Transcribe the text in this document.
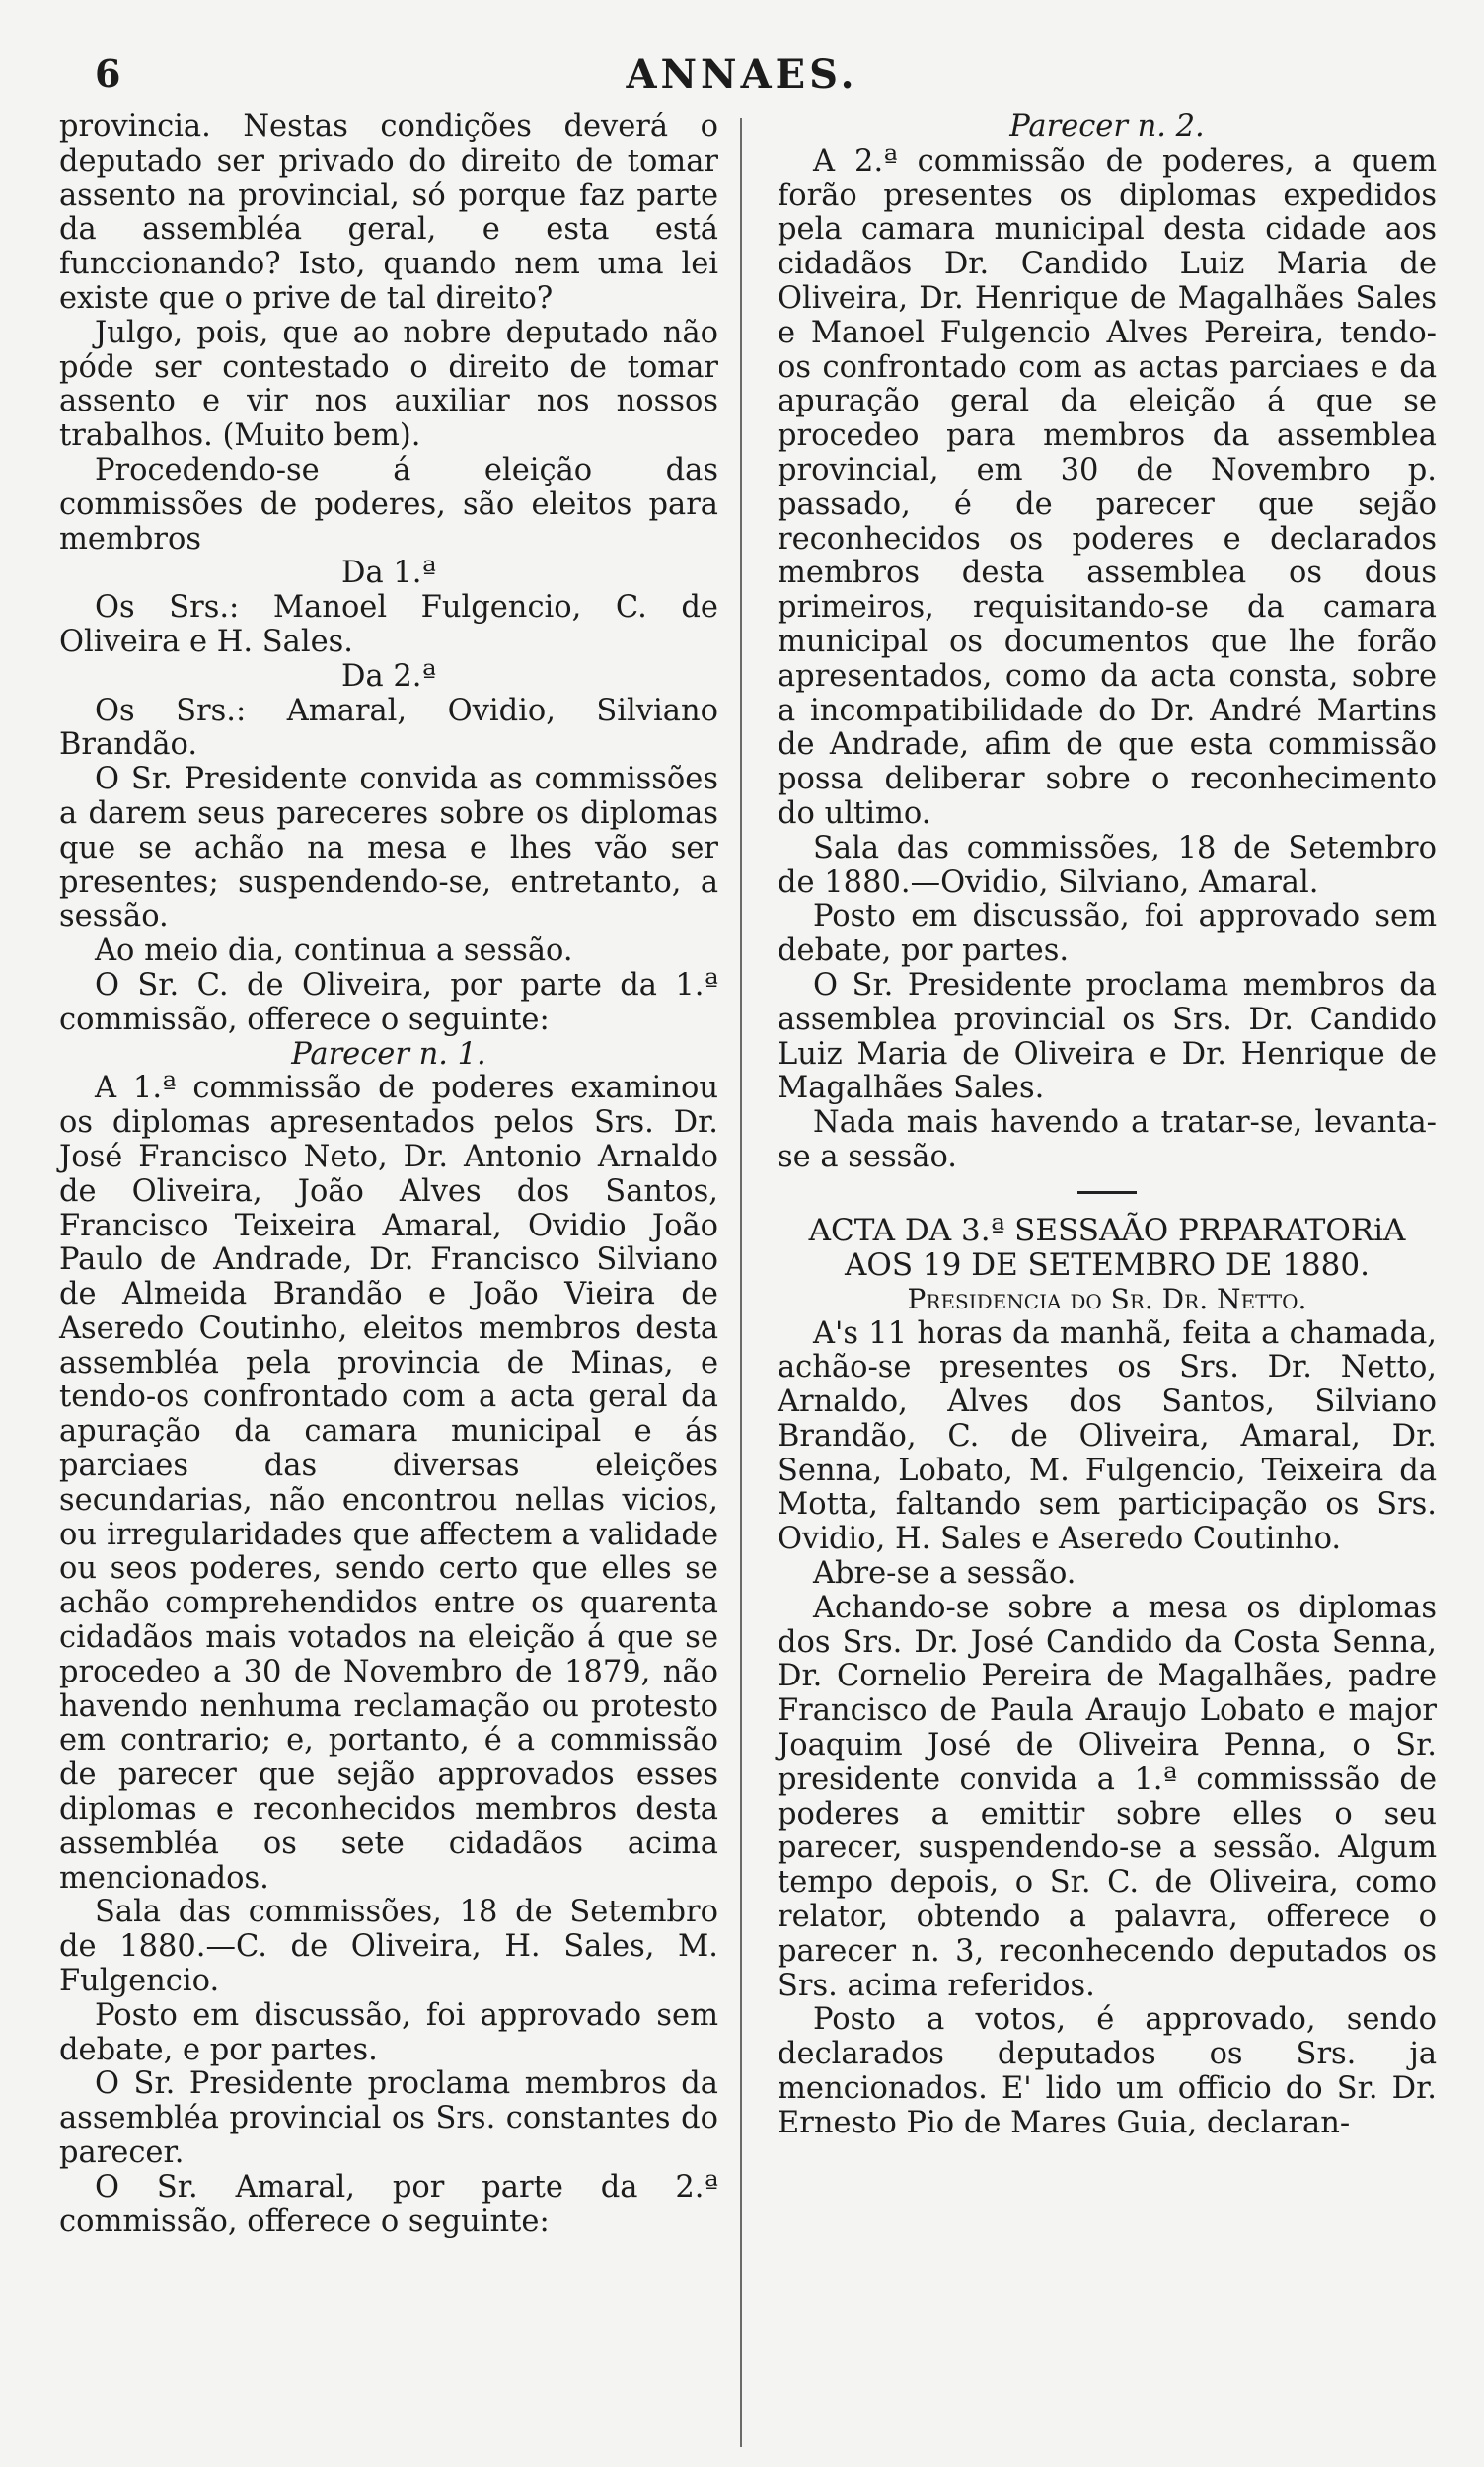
6	ANNAES.

provincia. Nestas condições deverá o deputado ser privado do direito de tomar assento na provincial, só porque faz parte da assembléa geral, e esta está funccionando? Isto, quando nem uma lei existe que o prive de tal direito?

Julgo, pois, que ao nobre deputado não póde ser contestado o direito de tomar assento e vir nos auxiliar nos nossos trabalhos. (Muito bem).

Procedendo-se á eleição das commissões de poderes, são eleitos para membros

Da 1.ª

Os Srs.: Manoel Fulgencio, C. de Oliveira e H. Sales.

Da 2.ª

Os Srs.: Amaral, Ovidio, Silviano Brandão.

O Sr. Presidente convida as commissões a darem seus pareceres sobre os diplomas que se achão na mesa e lhes vão ser presentes; suspendendo-se, entretanto, a sessão.

Ao meio dia, continua a sessão.

O Sr. C. de Oliveira, por parte da 1.ª commissão, offerece o seguinte:

Parecer n. 1.

A 1.ª commissão de poderes examinou os diplomas apresentados pelos Srs. Dr. José Francisco Neto, Dr. Antonio Arnaldo de Oliveira, João Alves dos Santos, Francisco Teixeira Amaral, Ovidio João Paulo de Andrade, Dr. Francisco Silviano de Almeida Brandão e João Vieira de Aseredo Coutinho, eleitos membros desta assembléa pela provincia de Minas, e tendo-os confrontado com a acta geral da apuração da camara municipal e ás parciaes das diversas eleições secundarias, não encontrou nellas vicios, ou irregularidades que affectem a validade ou seos poderes, sendo certo que elles se achão comprehendidos entre os quarenta cidadãos mais votados na eleição á que se procedeo a 30 de Novembro de 1879, não havendo nenhuma reclamação ou protesto em contrario; e, portanto, é a commissão de parecer que sejão approvados esses diplomas e reconhecidos membros desta assembléa os sete cidadãos acima mencionados.

Sala das commissões, 18 de Setembro de 1880.—C. de Oliveira, H. Sales, M. Fulgencio.

Posto em discussão, foi approvado sem debate, e por partes.

O Sr. Presidente proclama membros da assembléa provincial os Srs. constantes do parecer.

O Sr. Amaral, por parte da 2.ª commissão, offerece o seguinte:

Parecer n. 2.

A 2.ª commissão de poderes, a quem forão presentes os diplomas expedidos pela camara municipal desta cidade aos cidadãos Dr. Candido Luiz Maria de Oliveira, Dr. Henrique de Magalhães Sales e Manoel Fulgencio Alves Pereira, tendo-os confrontado com as actas parciaes e da apuração geral da eleição á que se procedeo para membros da assemblea provincial, em 30 de Novembro p. passado, é de parecer que sejão reconhecidos os poderes e declarados membros desta assemblea os dous primeiros, requisitando-se da camara municipal os documentos que lhe forão apresentados, como da acta consta, sobre a incompatibilidade do Dr. André Martins de Andrade, afim de que esta commissão possa deliberar sobre o reconhecimento do ultimo.

Sala das commissões, 18 de Setembro de 1880.—Ovidio, Silviano, Amaral.

Posto em discussão, foi approvado sem debate, por partes.

O Sr. Presidente proclama membros da assemblea provincial os Srs. Dr. Candido Luiz Maria de Oliveira e Dr. Henrique de Magalhães Sales.

Nada mais havendo a tratar-se, levanta-se a sessão.

ACTA DA 3.ª SESSAÃO PRPARATORiA AOS 19 DE SETEMBRO DE 1880.

Presidencia do Sr. Dr. Netto.

A's 11 horas da manhã, feita a chamada, achão-se presentes os Srs. Dr. Netto, Arnaldo, Alves dos Santos, Silviano Brandão, C. de Oliveira, Amaral, Dr. Senna, Lobato, M. Fulgencio, Teixeira da Motta, faltando sem participação os Srs. Ovidio, H. Sales e Aseredo Coutinho.

Abre-se a sessão.

Achando-se sobre a mesa os diplomas dos Srs. Dr. José Candido da Costa Senna, Dr. Cornelio Pereira de Magalhães, padre Francisco de Paula Araujo Lobato e major Joaquim José de Oliveira Penna, o Sr. presidente convida a 1.ª commisssão de poderes a emittir sobre elles o seu parecer, suspendendo-se a sessão. Algum tempo depois, o Sr. C. de Oliveira, como relator, obtendo a palavra, offerece o parecer n. 3, reconhecendo deputados os Srs. acima referidos.

Posto a votos, é approvado, sendo declarados deputados os Srs. ja mencionados. E' lido um officio do Sr. Dr. Ernesto Pio de Mares Guia, declaran-
